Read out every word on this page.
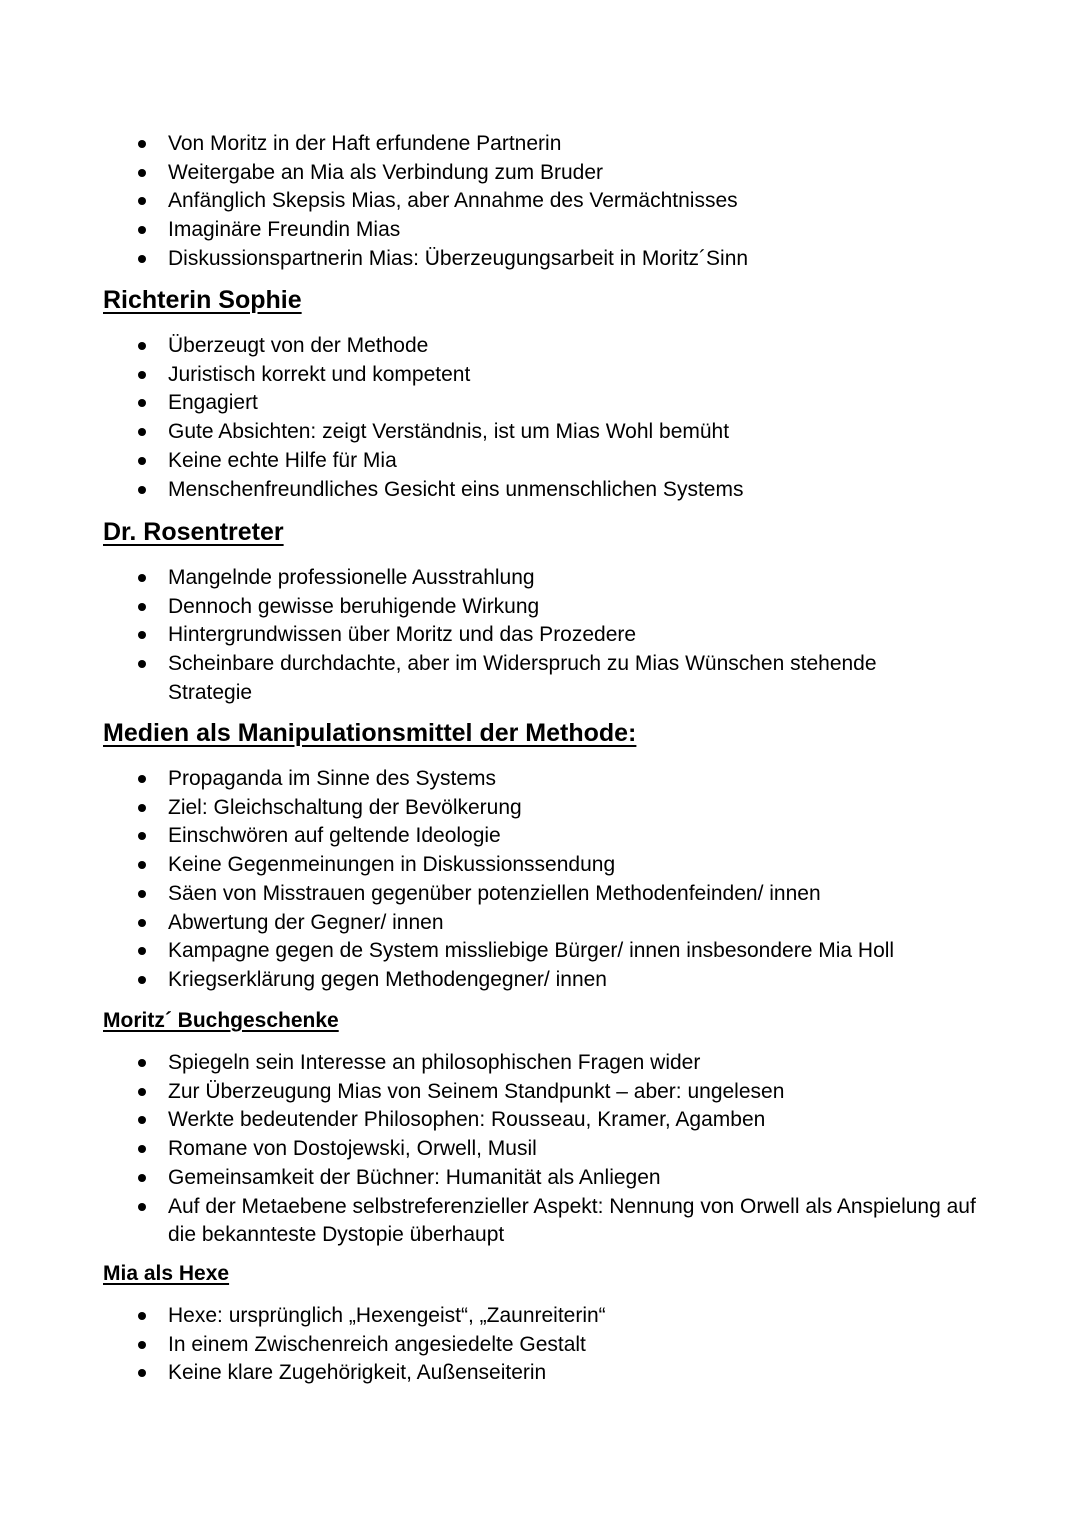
Von Moritz in der Haft erfundene Partnerin
Weitergabe an Mia als Verbindung zum Bruder
Anfänglich Skepsis Mias, aber Annahme des Vermächtnisses
Imaginäre Freundin Mias
Diskussionspartnerin Mias: Überzeugungsarbeit in Moritz´Sinn
Richterin Sophie
Überzeugt von der Methode
Juristisch korrekt und kompetent
Engagiert
Gute Absichten: zeigt Verständnis, ist um Mias Wohl bemüht
Keine echte Hilfe für Mia
Menschenfreundliches Gesicht eins unmenschlichen Systems
Dr. Rosentreter
Mangelnde professionelle Ausstrahlung
Dennoch gewisse beruhigende Wirkung
Hintergrundwissen über Moritz und das Prozedere
Scheinbare durchdachte, aber im Widerspruch zu Mias Wünschen stehende Strategie
Medien als Manipulationsmittel der Methode:
Propaganda im Sinne des Systems
Ziel: Gleichschaltung der Bevölkerung
Einschwören auf geltende Ideologie
Keine Gegenmeinungen in Diskussionssendung
Säen von Misstrauen gegenüber potenziellen Methodenfeinden/ innen
Abwertung der Gegner/ innen
Kampagne gegen de System missliebige Bürger/ innen insbesondere Mia Holl
Kriegserklärung gegen Methodengegner/ innen
Moritz´ Buchgeschenke
Spiegeln sein Interesse an philosophischen Fragen wider
Zur Überzeugung Mias von Seinem Standpunkt – aber: ungelesen
Werkte bedeutender Philosophen: Rousseau, Kramer, Agamben
Romane von Dostojewski, Orwell, Musil
Gemeinsamkeit der Büchner: Humanität als Anliegen
Auf der Metaebene selbstreferenzieller Aspekt: Nennung von Orwell als Anspielung auf die bekannteste Dystopie überhaupt
Mia als Hexe
Hexe: ursprünglich „Hexengeist“, „Zaunreiterin“
In einem Zwischenreich angesiedelte Gestalt
Keine klare Zugehörigkeit, Außenseiterin
